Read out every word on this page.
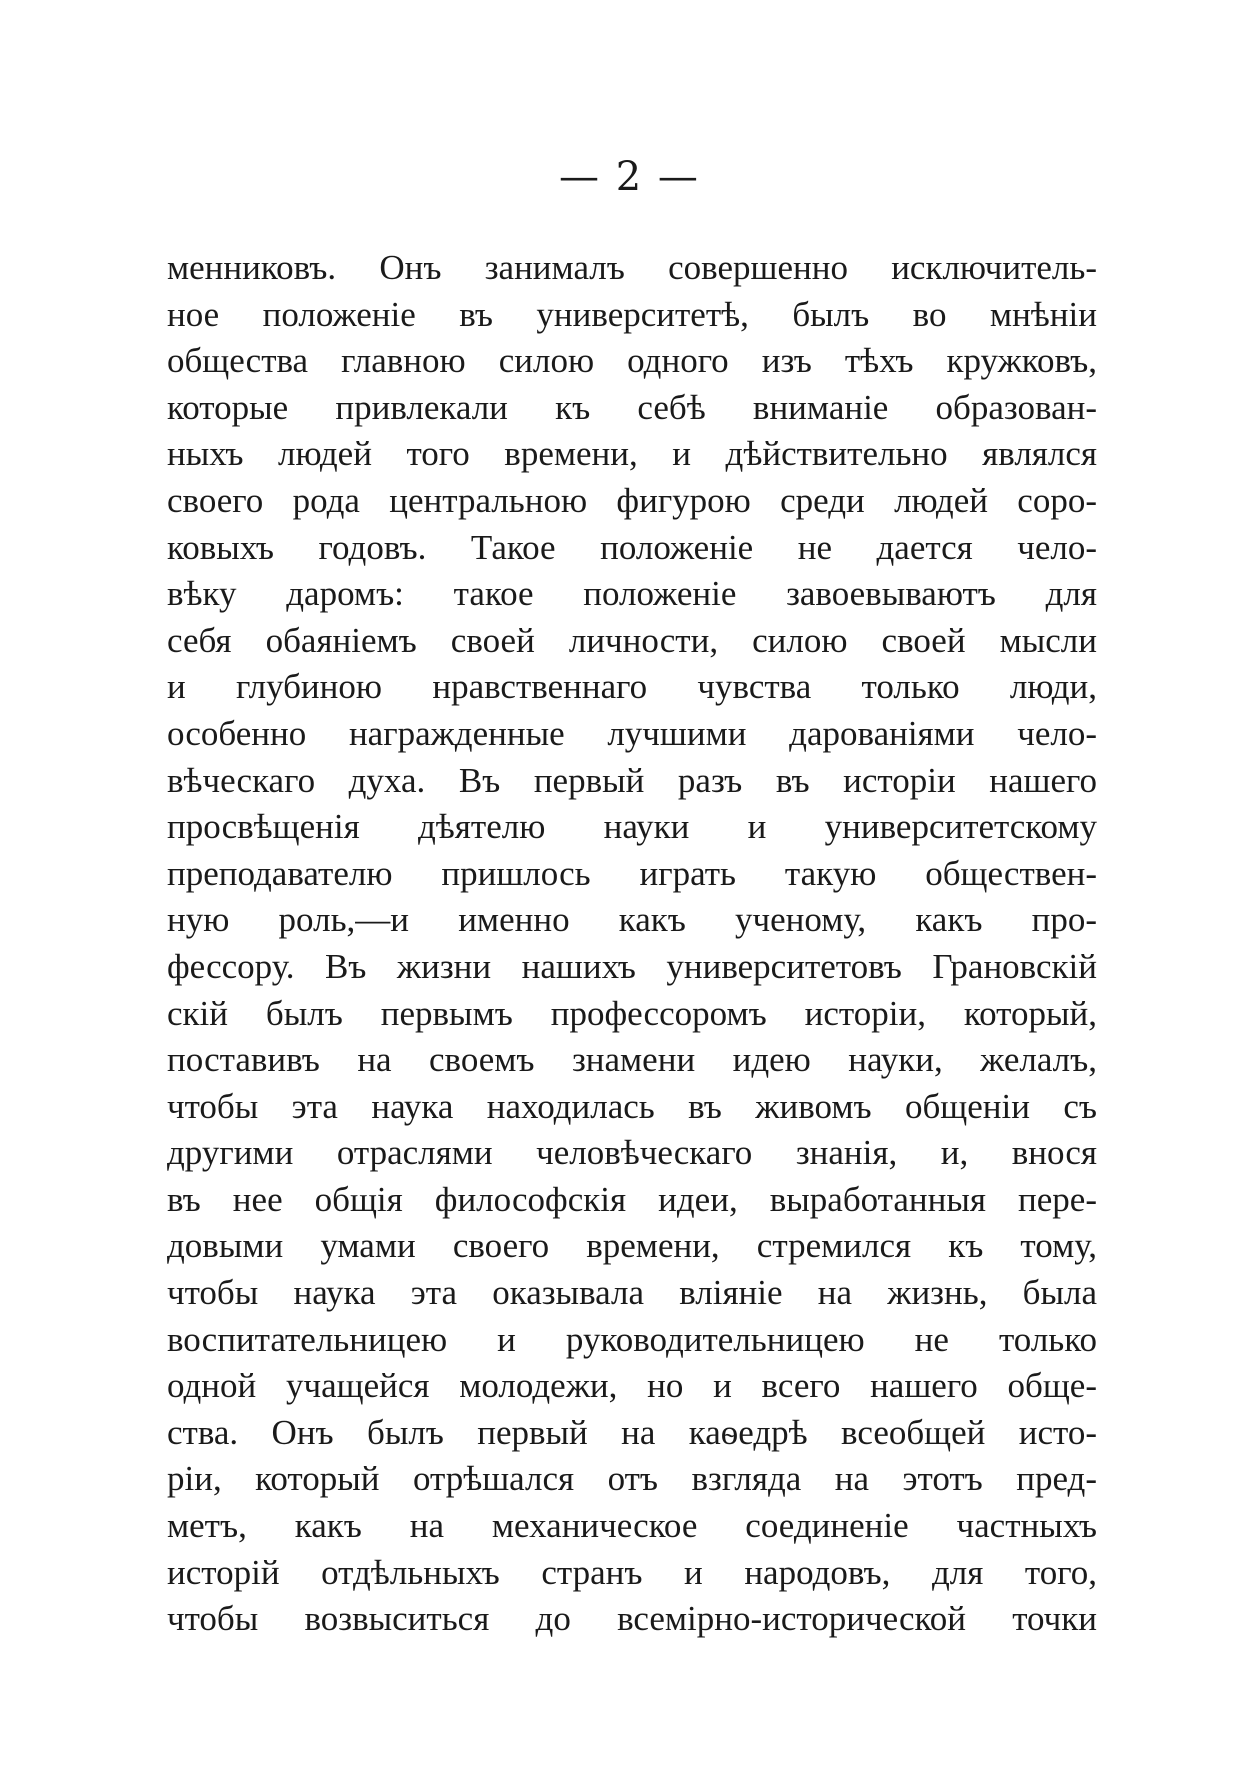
— 2 —
менниковъ. Онъ занималъ совершенно исключитель-
ное положеніе въ университетѣ, былъ во мнѣніи
общества главною силою одного изъ тѣхъ кружковъ,
которые привлекали къ себѣ вниманіе образован-
ныхъ людей того времени, и дѣйствительно являлся
своего рода центральною фигурою среди людей соро-
ковыхъ годовъ. Такое положеніе не дается чело-
вѣку даромъ: такое положеніе завоевываютъ для
себя обаяніемъ своей личности, силою своей мысли
и глубиною нравственнаго чувства только люди,
особенно награжденные лучшими дарованіями чело-
вѣческаго духа. Въ первый разъ въ исторіи нашего
просвѣщенія дѣятелю науки и университетскому
преподавателю пришлось играть такую обществен-
ную роль,—и именно какъ ученому, какъ про-
фессору. Въ жизни нашихъ университетовъ Грановскій
скій былъ первымъ профессоромъ исторіи, который,
поставивъ на своемъ знамени идею науки, желалъ,
чтобы эта наука находилась въ живомъ общеніи съ
другими отраслями человѣческаго знанія, и, внося
въ нее общія философскія идеи, выработанныя пере-
довыми умами своего времени, стремился къ тому,
чтобы наука эта оказывала вліяніе на жизнь, была
воспитательницею и руководительницею не только
одной учащейся молодежи, но и всего нашего обще-
ства. Онъ былъ первый на каѳедрѣ всеобщей исто-
ріи, который отрѣшался отъ взгляда на этотъ пред-
метъ, какъ на механическое соединеніе частныхъ
исторій отдѣльныхъ странъ и народовъ, для того,
чтобы возвыситься до всемірно-исторической точки
